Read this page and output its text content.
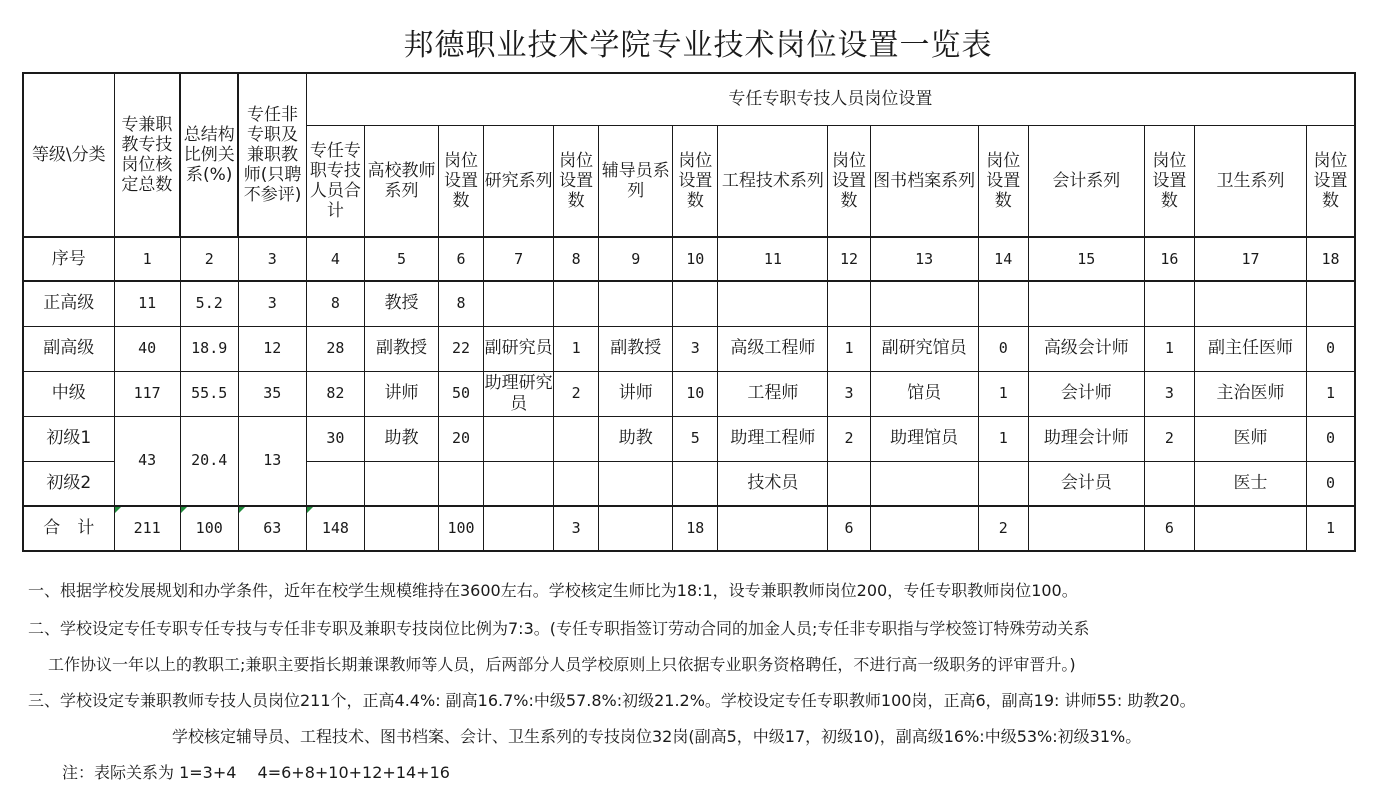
邦德职业技术学院专业技术岗位设置一览表
等级\分类	专兼职教专技岗位核定总数	总结构比例关系(%)	专任非专职及兼职教师(只聘不参评)	专任专职专技人员岗位设置														
				专任专职专技人员合计	高校教师系列	岗位设置数	研究系列	岗位设置数	辅导员系列	岗位设置数	工程技术系列	岗位设置数	图书档案系列	岗位设置数	会计系列	岗位设置数	卫生系列	岗位设置数
序号	1	2	3	4	5	6	7	8	9	10	11	12	13	14	15	16	17	18
正高级	11	5.2	3	8	教授	8												
副高级	40	18.9	12	28	副教授	22	副研究员	1	副教授	3	高级工程师	1	副研究馆员	0	高级会计师	1	副主任医师	0
中级	117	55.5	35	82	讲师	50	助理研究员	2	讲师	10	工程师	3	馆员	1	会计师	3	主治医师	1
初级1	43	20.4	13	30	助教	20			助教	5	助理工程师	2	助理馆员	1	助理会计师	2	医师	0
初级2											技术员				会计员		医士	0
合　计	211	100	63	148		100		3		18		6		2		6		1
一、根据学校发展规划和办学条件，近年在校学生规模维持在3600左右。学校核定生师比为18:1，设专兼职教师岗位200，专任专职教师岗位100。
二、学校设定专任专职专任专技与专任非专职及兼职专技岗位比例为7:3。(专任专职指签订劳动合同的加金人员;专任非专职指与学校签订特殊劳动关系
工作协议一年以上的教职工;兼职主要指长期兼课教师等人员，后两部分人员学校原则上只依据专业职务资格聘任，不进行高一级职务的评审晋升。)
三、学校设定专兼职教师专技人员岗位211个，正高4.4%: 副高16.7%:中级57.8%:初级21.2%。学校设定专任专职教师100岗，正高6，副高19: 讲师55: 助教20。
学校核定辅导员、工程技术、图书档案、会计、卫生系列的专技岗位32岗(副高5，中级17，初级10)，副高级16%:中级53%:初级31%。
注：表际关系为 1=3+4　 4=6+8+10+12+14+16
